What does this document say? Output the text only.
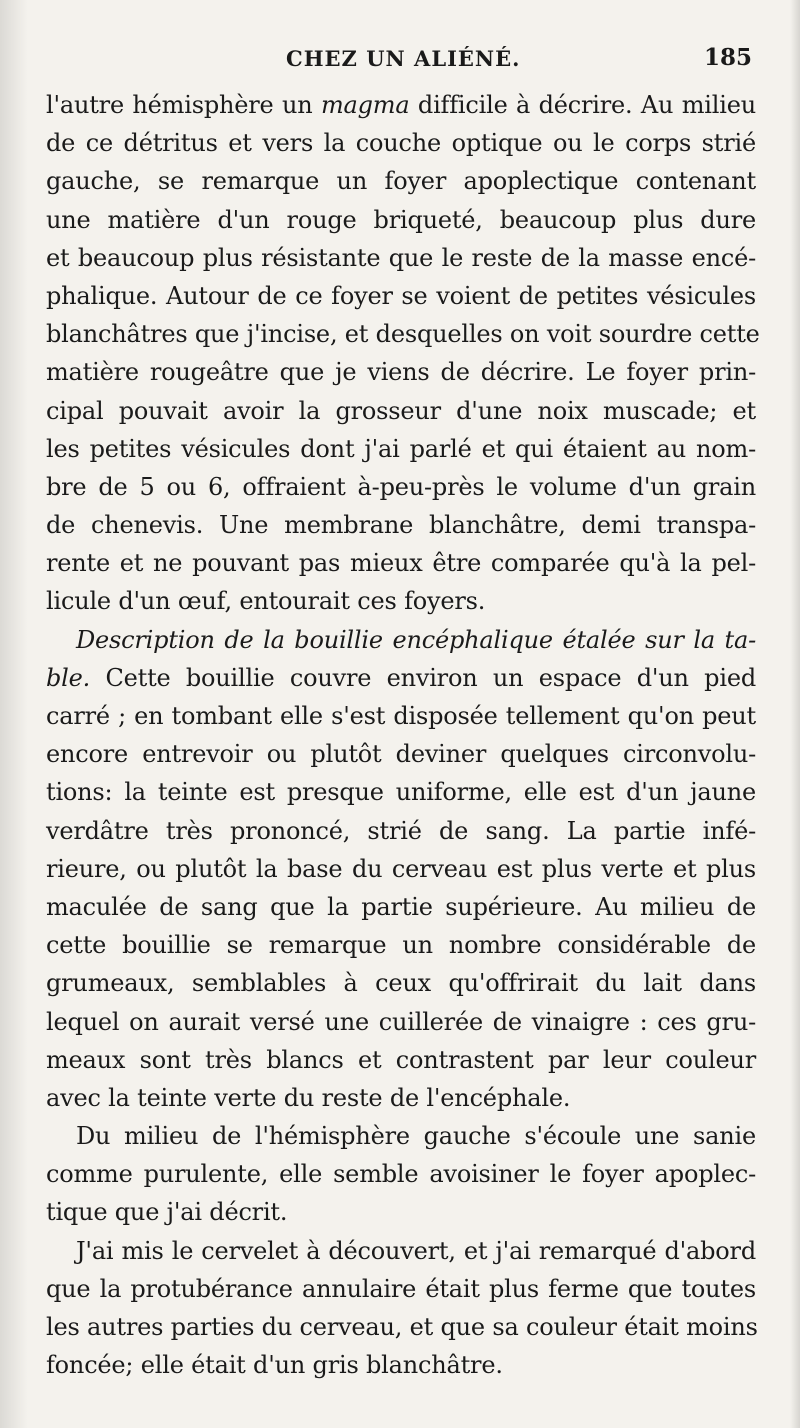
CHEZ UN ALIÉNÉ.	185
l'autre hémisphère un magma difficile à décrire. Au milieu
de ce détritus et vers la couche optique ou le corps strié
gauche, se remarque un foyer apoplectique contenant
une matière d'un rouge briqueté, beaucoup plus dure
et beaucoup plus résistante que le reste de la masse encé-
phalique. Autour de ce foyer se voient de petites vésicules
blanchâtres que j'incise, et desquelles on voit sourdre cette
matière rougeâtre que je viens de décrire. Le foyer prin-
cipal pouvait avoir la grosseur d'une noix muscade; et
les petites vésicules dont j'ai parlé et qui étaient au nom-
bre de 5 ou 6, offraient à-peu-près le volume d'un grain
de chenevis. Une membrane blanchâtre, demi transpa-
rente et ne pouvant pas mieux être comparée qu'à la pel-
licule d'un œuf, entourait ces foyers.
Description de la bouillie encéphalique étalée sur la ta-
ble. Cette bouillie couvre environ un espace d'un pied
carré ; en tombant elle s'est disposée tellement qu'on peut
encore entrevoir ou plutôt deviner quelques circonvolu-
tions: la teinte est presque uniforme, elle est d'un jaune
verdâtre très prononcé, strié de sang. La partie infé-
rieure, ou plutôt la base du cerveau est plus verte et plus
maculée de sang que la partie supérieure. Au milieu de
cette bouillie se remarque un nombre considérable de
grumeaux, semblables à ceux qu'offrirait du lait dans
lequel on aurait versé une cuillerée de vinaigre : ces gru-
meaux sont très blancs et contrastent par leur couleur
avec la teinte verte du reste de l'encéphale.
Du milieu de l'hémisphère gauche s'écoule une sanie
comme purulente, elle semble avoisiner le foyer apoplec-
tique que j'ai décrit.
J'ai mis le cervelet à découvert, et j'ai remarqué d'abord
que la protubérance annulaire était plus ferme que toutes
les autres parties du cerveau, et que sa couleur était moins
foncée; elle était d'un gris blanchâtre.
